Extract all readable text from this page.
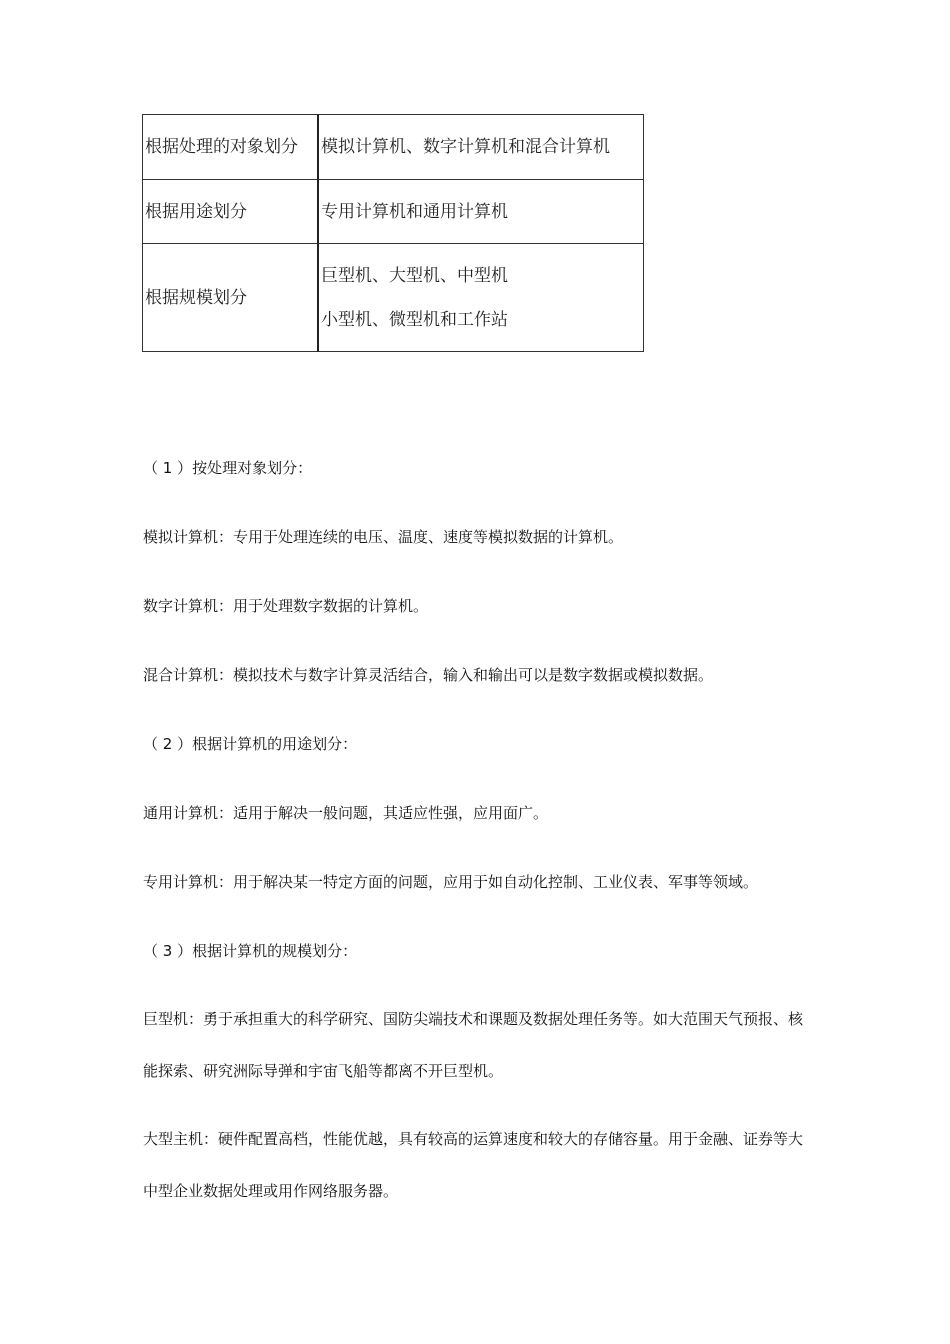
根据处理的对象划分	模拟计算机、数字计算机和混合计算机

根据用途划分	专用计算机和通用计算机

根据规模划分	巨型机、大型机、中型机
小型机、微型机和工作站

（ 1 ）按处理对象划分：

模拟计算机：专用于处理连续的电压、温度、速度等模拟数据的计算机。

数字计算机：用于处理数字数据的计算机。

混合计算机：模拟技术与数字计算灵活结合，输入和输出可以是数字数据或模拟数据。

（ 2 ）根据计算机的用途划分：

通用计算机：适用于解决一般问题，其适应性强，应用面广。

专用计算机：用于解决某一特定方面的问题，应用于如自动化控制、工业仪表、军事等领域。

（ 3 ）根据计算机的规模划分：

巨型机：勇于承担重大的科学研究、国防尖端技术和课题及数据处理任务等。如大范围天气预报、核能探索、研究洲际导弹和宇宙飞船等都离不开巨型机。

大型主机：硬件配置高档，性能优越，具有较高的运算速度和较大的存储容量。用于金融、证券等大中型企业数据处理或用作网络服务器。
